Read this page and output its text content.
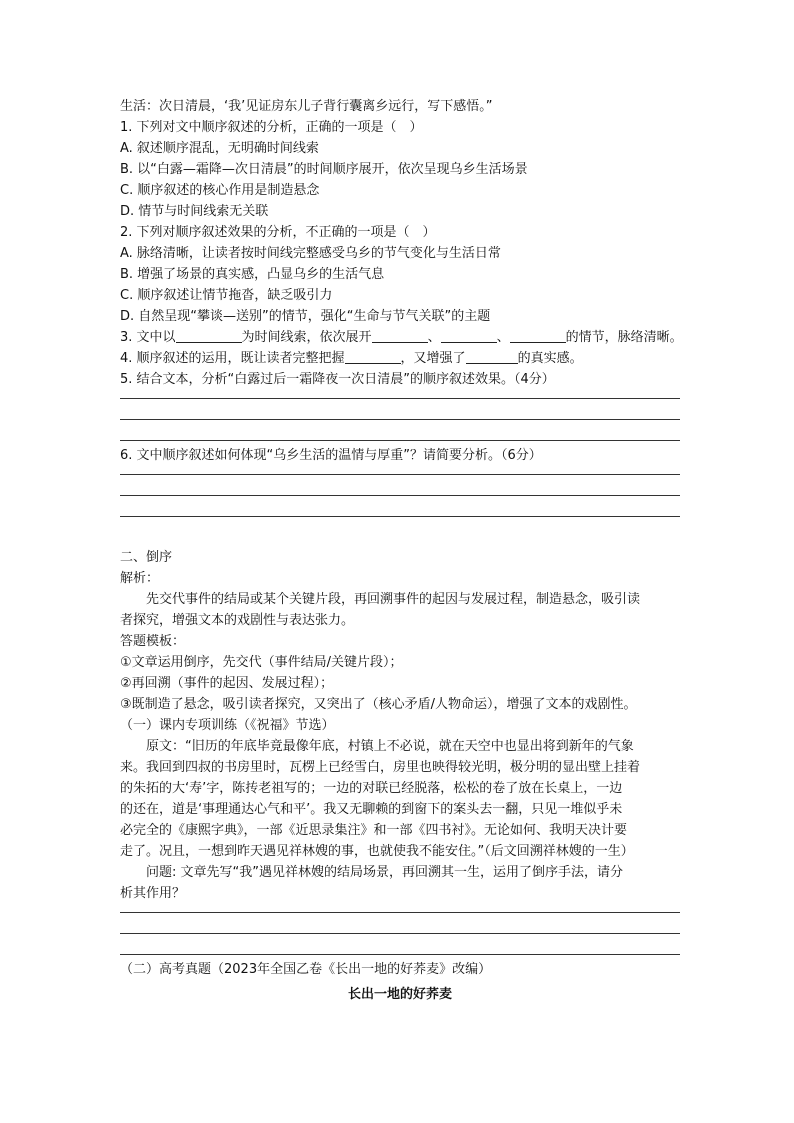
生活：次日清晨，‘我’见证房东儿子背行囊离乡远行，写下感悟。”
1. 下列对文中顺序叙述的分析，正确的一项是（　）
A. 叙述顺序混乱，无明确时间线索
B. 以“白露—霜降—次日清晨”的时间顺序展开，依次呈现乌乡生活场景
C. 顺序叙述的核心作用是制造悬念
D. 情节与时间线索无关联
2. 下列对顺序叙述效果的分析，不正确的一项是（　）
A. 脉络清晰，让读者按时间线完整感受乌乡的节气变化与生活日常
B. 增强了场景的真实感，凸显乌乡的生活气息
C. 顺序叙述让情节拖沓，缺乏吸引力
D. 自然呈现“攀谈—送别”的情节，强化“生命与节气关联”的主题
3. 文中以	为时间线索，依次展开	、	、	的情节，脉络清晰。
4. 顺序叙述的运用，既让读者完整把握	，又增强了	的真实感。
5. 结合文本，分析“白露过后一霜降夜一次日清晨”的顺序叙述效果。（4分）
6. 文中顺序叙述如何体现“乌乡生活的温情与厚重”？请简要分析。（6分）
二、倒序
解析：
先交代事件的结局或某个关键片段，再回溯事件的起因与发展过程，制造悬念，吸引读
者探究，增强文本的戏剧性与表达张力。
答题模板：
①文章运用倒序，先交代（事件结局/关键片段）；
②再回溯（事件的起因、发展过程）；
③既制造了悬念，吸引读者探究，又突出了（核心矛盾/人物命运），增强了文本的戏剧性。
（一）课内专项训练（《祝福》节选）
原文：“旧历的年底毕竟最像年底，村镇上不必说，就在天空中也显出将到新年的气象
来。我回到四叔的书房里时，瓦楞上已经雪白，房里也映得较光明，极分明的显出壁上挂着
的朱拓的大‘寿’字，陈抟老祖写的；一边的对联已经脱落，松松的卷了放在长桌上，一边
的还在，道是‘事理通达心气和平’。我又无聊赖的到窗下的案头去一翻，只见一堆似乎未
必完全的《康熙字典》，一部《近思录集注》和一部《四书衬》。无论如何、我明天决计要
走了。况且，一想到昨天遇见祥林嫂的事，也就使我不能安住。”（后文回溯祥林嫂的一生）
问题: 文章先写“我”遇见祥林嫂的结局场景，再回溯其一生，运用了倒序手法，请分
析其作用？
（二）高考真题（2023年全国乙卷《长出一地的好荞麦》改编）
长出一地的好荞麦
